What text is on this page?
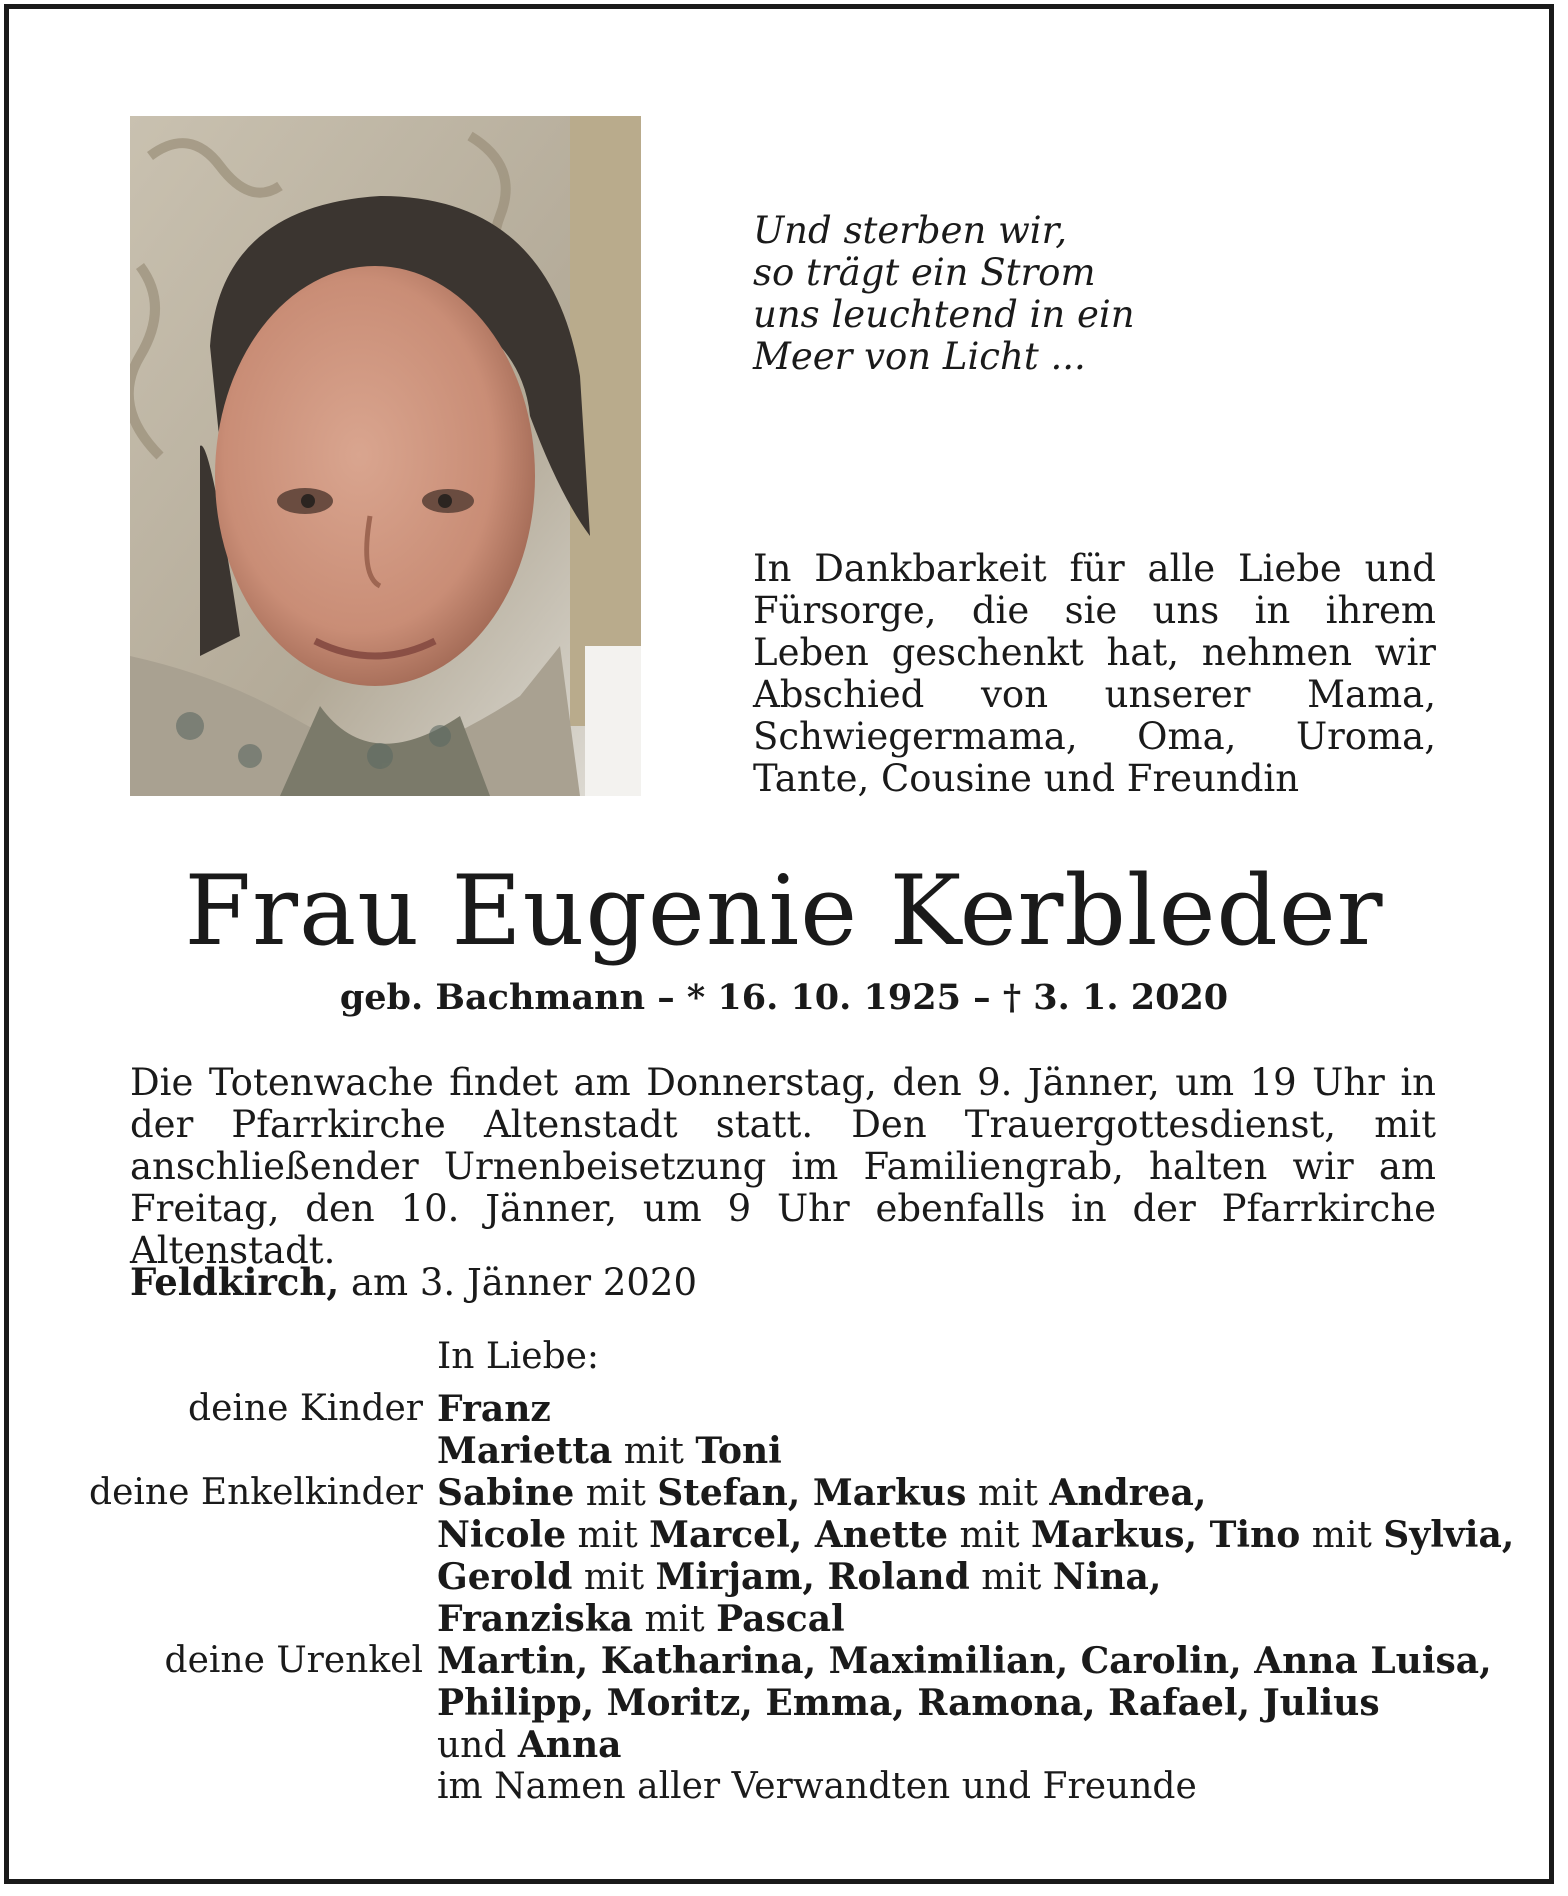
Und sterben wir,
so trägt ein Strom
uns leuchtend in ein
Meer von Licht ...
In Dankbarkeit für alle Liebe und Fürsorge, die sie uns in ihrem Leben geschenkt hat, nehmen wir Abschied von unserer Mama, Schwiegermama, Oma, Uroma, Tante, Cousine und Freundin
Frau Eugenie Kerbleder
geb. Bachmann – * 16. 10. 1925 – † 3. 1. 2020
Die Totenwache findet am Donnerstag, den 9. Jänner, um 19 Uhr in der Pfarrkirche Altenstadt statt. Den Trauergottesdienst, mit anschließender Urnenbeisetzung im Familiengrab, halten wir am Freitag, den 10. Jänner, um 9 Uhr ebenfalls in der Pfarrkirche Altenstadt.
Feldkirch, am 3. Jänner 2020
In Liebe:
deine Kinder Franz
Marietta mit Toni
deine Enkelkinder Sabine mit Stefan, Markus mit Andrea,
Nicole mit Marcel, Anette mit Markus, Tino mit Sylvia,
Gerold mit Mirjam, Roland mit Nina,
Franziska mit Pascal
deine Urenkel Martin, Katharina, Maximilian, Carolin, Anna Luisa,
Philipp, Moritz, Emma, Ramona, Rafael, Julius
und Anna
im Namen aller Verwandten und Freunde
